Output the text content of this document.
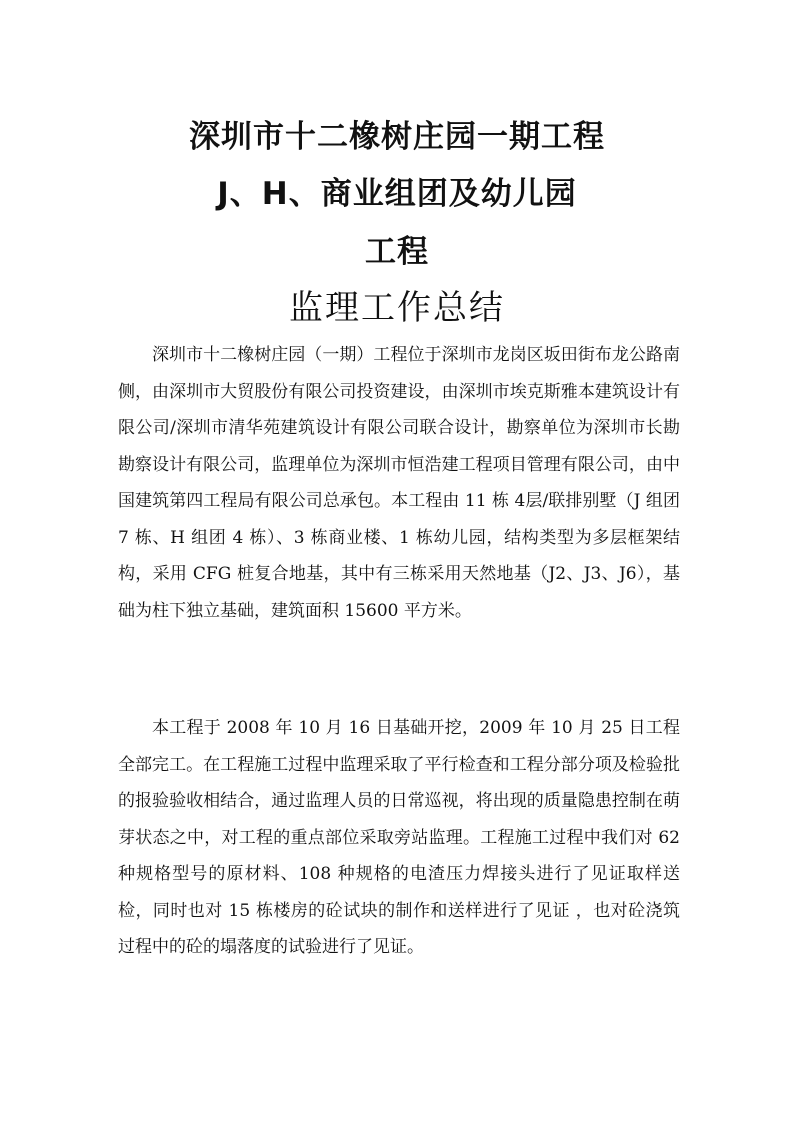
深圳市十二橡树庄园一期工程
J、H、商业组团及幼儿园
工程
监理工作总结

深圳市十二橡树庄园（一期）工程位于深圳市龙岗区坂田街布龙公路南侧，由深圳市大贸股份有限公司投资建设，由深圳市埃克斯雅本建筑设计有限公司/深圳市清华苑建筑设计有限公司联合设计，勘察单位为深圳市长勘勘察设计有限公司，监理单位为深圳市恒浩建工程项目管理有限公司，由中国建筑第四工程局有限公司总承包。本工程由 11 栋 4层/联排别墅（J 组团 7 栋、H 组团 4 栋）、3 栋商业楼、1 栋幼儿园，结构类型为多层框架结构，采用 CFG 桩复合地基，其中有三栋采用天然地基（J2、J3、J6），基础为柱下独立基础，建筑面积 15600 平方米。

本工程于 2008 年 10 月 16 日基础开挖，2009 年 10 月 25 日工程全部完工。在工程施工过程中监理采取了平行检查和工程分部分项及检验批的报验验收相结合，通过监理人员的日常巡视，将出现的质量隐患控制在萌芽状态之中，对工程的重点部位采取旁站监理。工程施工过程中我们对 62 种规格型号的原材料、108 种规格的电渣压力焊接头进行了见证取样送检，同时也对 15 栋楼房的砼试块的制作和送样进行了见证 ，也对砼浇筑过程中的砼的塌落度的试验进行了见证。
